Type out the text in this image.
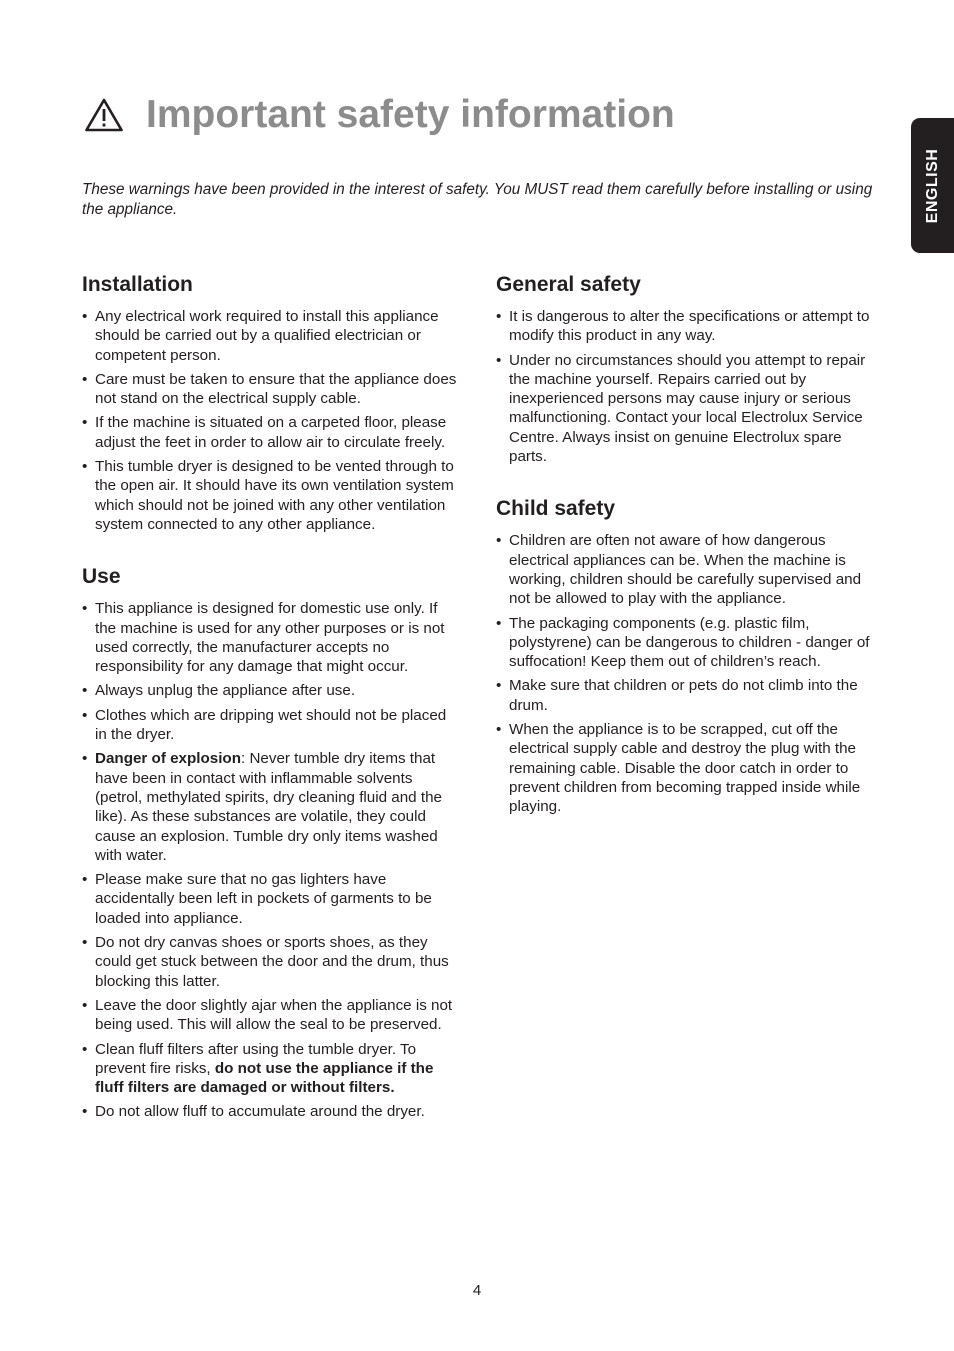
Important safety information

These warnings have been provided in the interest of safety. You MUST read them carefully before installing or using the appliance.	ENGLISH
Installation
• Any electrical work required to install this appliance should be carried out by a qualified electrician or competent person.
• Care must be taken to ensure that the appliance does not stand on the electrical supply cable.
• If the machine is situated on a carpeted floor, please adjust the feet in order to allow air to circulate freely.
• This tumble dryer is designed to be vented through to the open air. It should have its own ventilation system which should not be joined with any other ventilation system connected to any other appliance.
Use
• This appliance is designed for domestic use only. If the machine is used for any other purposes or is not used correctly, the manufacturer accepts no responsibility for any damage that might occur.
• Always unplug the appliance after use.
• Clothes which are dripping wet should not be placed in the dryer.
• Danger of explosion: Never tumble dry items that have been in contact with inflammable solvents (petrol, methylated spirits, dry cleaning fluid and the like). As these substances are volatile, they could cause an explosion. Tumble dry only items washed with water.
• Please make sure that no gas lighters have accidentally been left in pockets of garments to be loaded into appliance.
• Do not dry canvas shoes or sports shoes, as they could get stuck between the door and the drum, thus blocking this latter.
• Leave the door slightly ajar when the appliance is not being used. This will allow the seal to be preserved.
• Clean fluff filters after using the tumble dryer. To prevent fire risks, do not use the appliance if the fluff filters are damaged or without filters.
• Do not allow fluff to accumulate around the dryer.
General safety
• It is dangerous to alter the specifications or attempt to modify this product in any way.
• Under no circumstances should you attempt to repair the machine yourself. Repairs carried out by inexperienced persons may cause injury or serious malfunctioning. Contact your local Electrolux Service Centre. Always insist on genuine Electrolux spare parts.
Child safety
• Children are often not aware of how dangerous electrical appliances can be. When the machine is working, children should be carefully supervised and not be allowed to play with the appliance.
• The packaging components (e.g. plastic film, polystyrene) can be dangerous to children - danger of suffocation! Keep them out of children’s reach.
• Make sure that children or pets do not climb into the drum.
• When the appliance is to be scrapped, cut off the electrical supply cable and destroy the plug with the remaining cable. Disable the door catch in order to prevent children from becoming trapped inside while playing.
4
